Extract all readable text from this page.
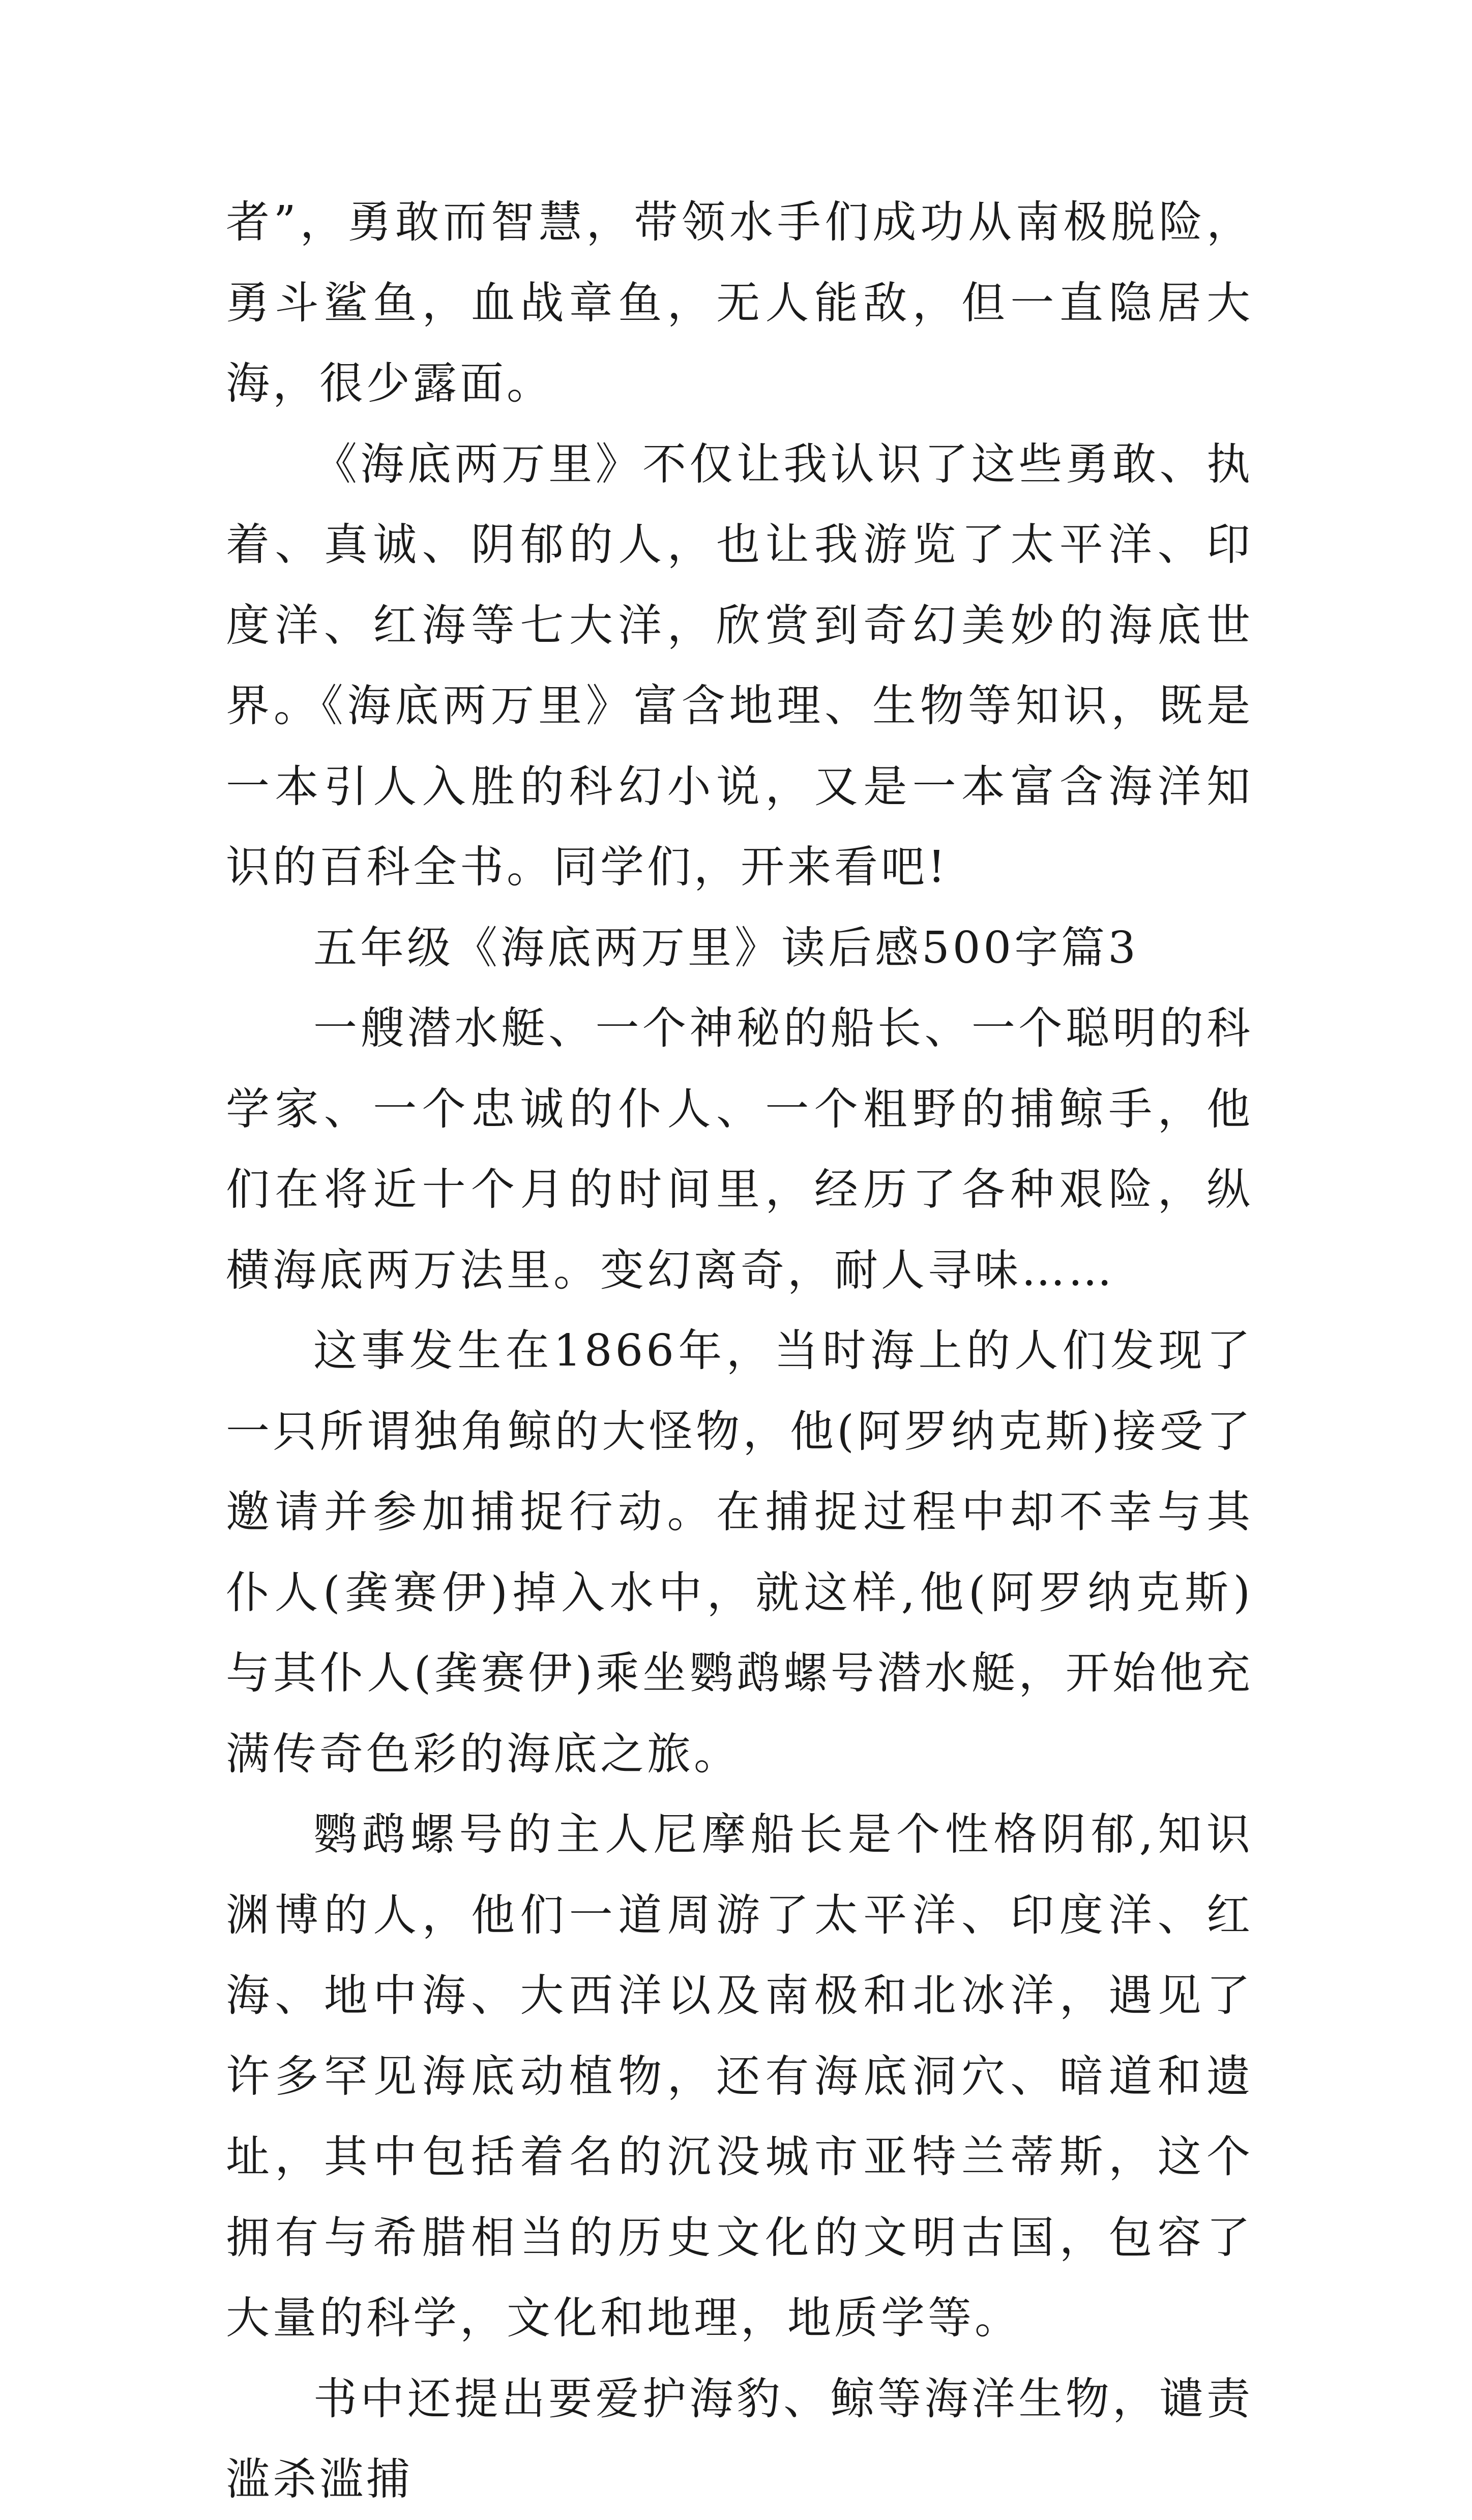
者”，勇敢而智慧，带领水手们成功从南极脱险，勇斗鲨鱼，血战章鱼，无人能敌，但一直隐居大海，很少露面。

《海底两万里》不仅让我认识了这些勇敢、执着、真诚、阴郁的人，也让我游览了太平洋、印度洋、红海等七大洋，欣赏到奇幻美妙的海底世界。《海底两万里》富含地理、生物等知识，既是一本引人入胜的科幻小说，又是一本富含海洋知识的百科全书。同学们，开来看吧!

五年级《海底两万里》读后感500字篇3

一艘潜水艇、一个神秘的船长、一个聪明的科学家、一个忠诚的仆人、一个粗野的捕鲸手，他们在将近十个月的时间里，经历了各种艰险，纵横海底两万法里。变幻离奇，耐人寻味……

这事发生在1866年，当时海上的人们发现了一只所谓独角鲸的大怪物，他(阿罗纳克斯)接受了邀请并参加捕捉行动。在捕捉过程中却不幸与其仆人(龚赛伊)掉入水中，就这样,他(阿罗纳克斯)与其仆人(龚赛伊)乘坐鹦鹉螺号潜水艇，开始他充满传奇色彩的海底之旅。

鹦鹉螺号的主人尼摩船长是个性格阴郁,知识渊博的人，他们一道周游了太平洋、印度洋、红海、地中海、大西洋以及南极和北冰洋，遇见了许多罕见海底动植物，还有海底洞穴、暗道和遗址，其中包括着名的沉没城市亚特兰蒂斯，这个拥有与希腊相当的历史文化的文明古国，包容了大量的科学，文化和地理，地质学等。

书中还提出要爱护海豹、鲸等海洋生物，谴责滥杀滥捕
